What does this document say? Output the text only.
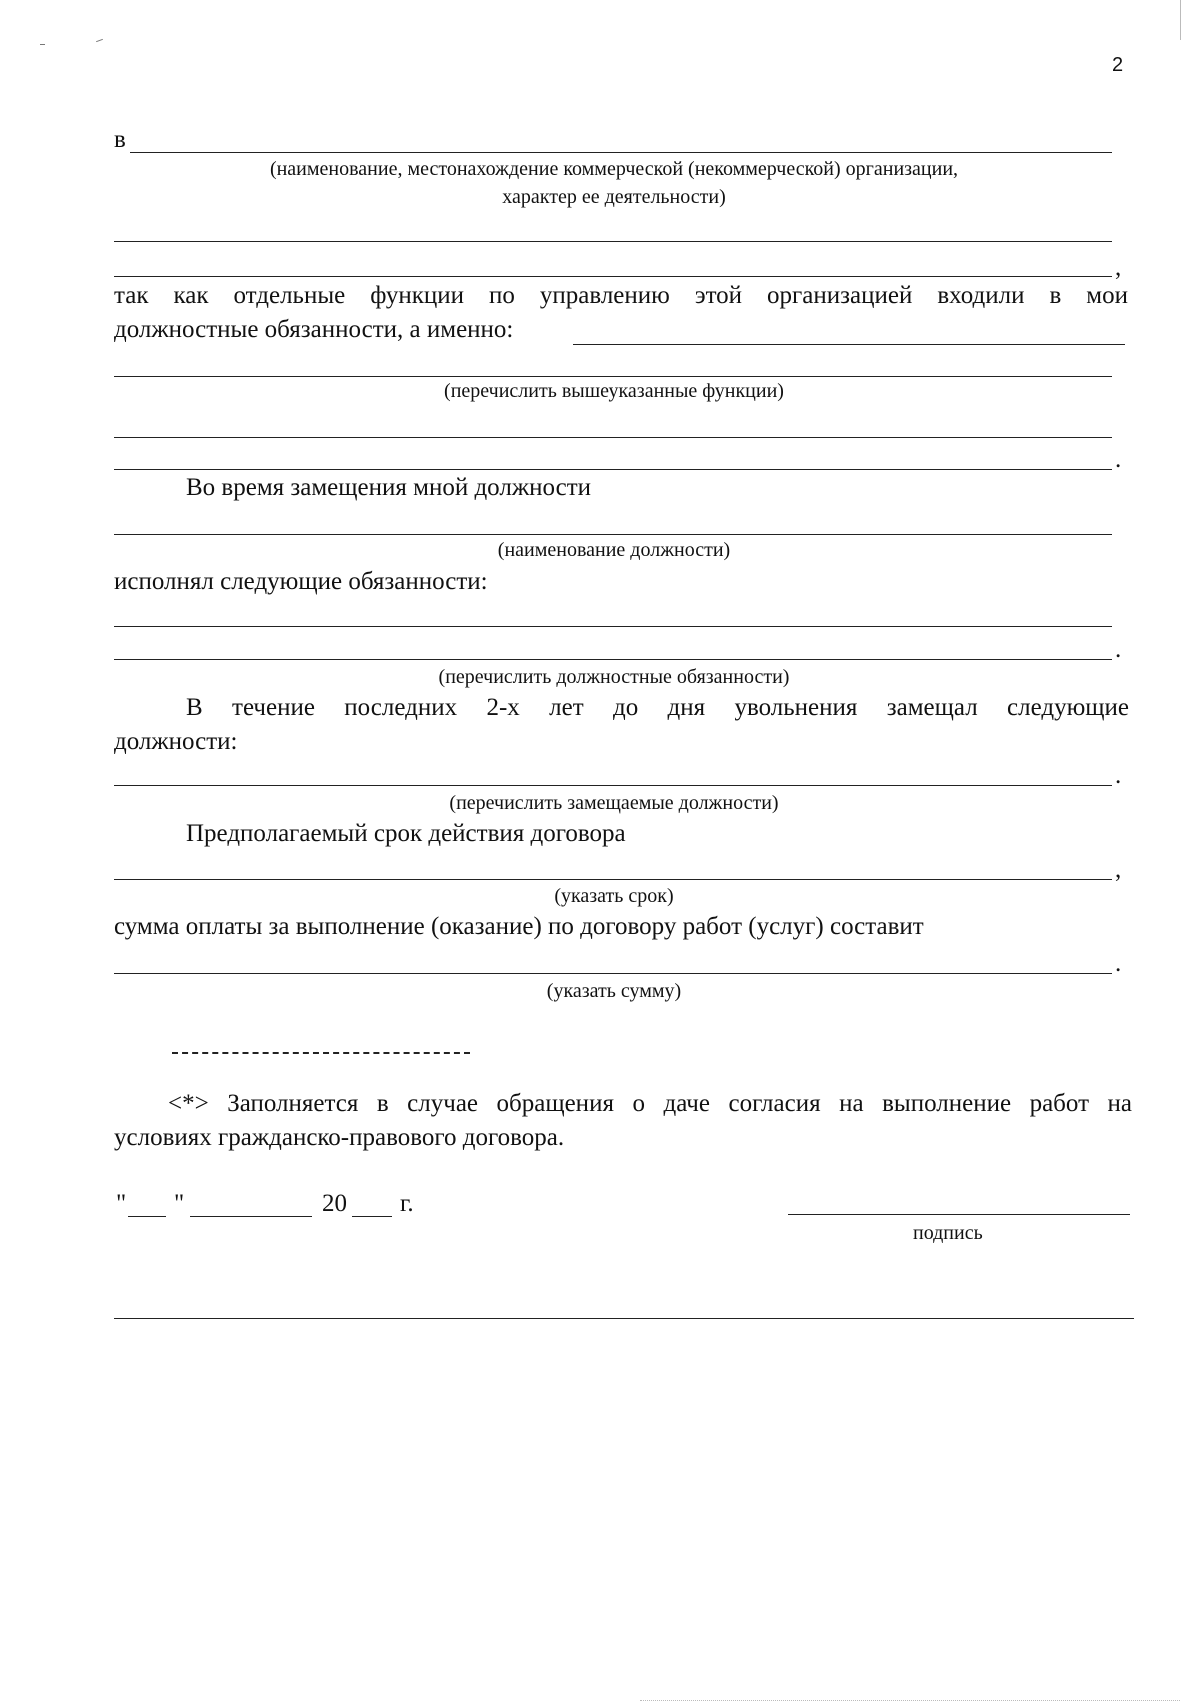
2
в
(наименование, местонахождение коммерческой (некоммерческой) организации,
характер ее деятельности)
,
так как отдельные функции по управлению этой организацией входили в мои
должностные обязанности, а именно:
(перечислить вышеуказанные функции)
.
Во время замещения мной должности
(наименование должности)
исполнял следующие обязанности:
.
(перечислить должностные обязанности)
В течение последних 2-х лет до дня увольнения замещал следующие
должности:
.
(перечислить замещаемые должности)
Предполагаемый срок действия договора
,
(указать срок)
сумма оплаты за выполнение (оказание) по договору работ (услуг) составит
.
(указать сумму)
<*> Заполняется в случае обращения о даче согласия на выполнение работ на
условиях гражданско-правового договора.
" "	20 г.
подпись
